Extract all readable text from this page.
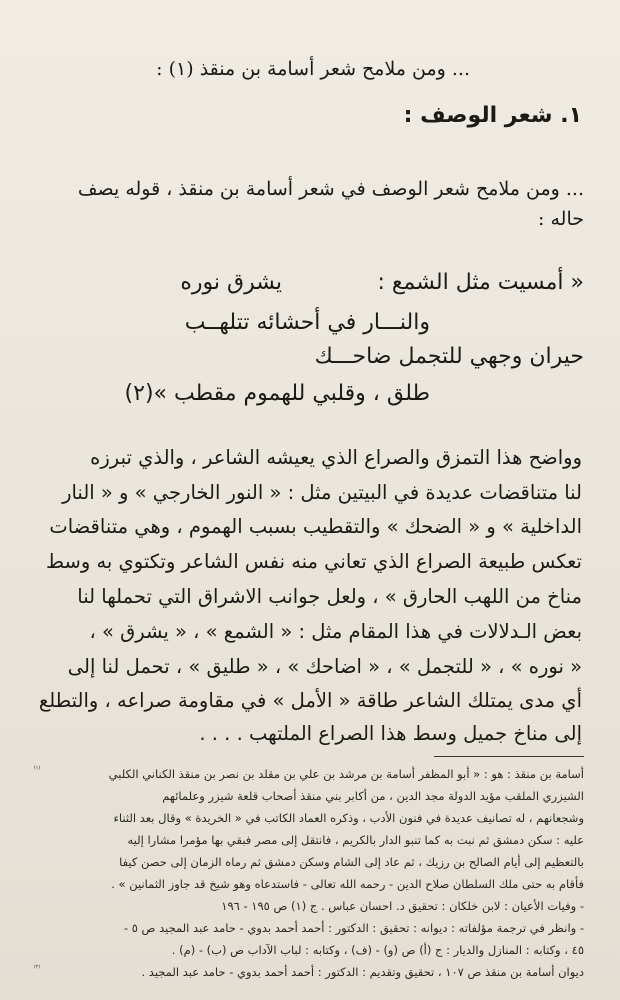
... ومن ملامح شعر أسامة بن منقذ (١) :
١. شعر الوصف :
... ومن ملامح شعر الوصف في شعر أسامة بن منقذ ، قوله يصف
حاله :
« أمسيت مثل الشمع :
يشرق نوره
والنـــار في أحشائه تتلهــب
حيران وجهي للتجمل ضاحـــك
طلق ، وقلبي للهموم مقطب »(٢)
وواضح هذا التمزق والصراع الذي يعيشه الشاعر ، والذي تبرزه
لنا متناقضات عديدة في البيتين مثل : « النور الخارجي » و « النار
الداخلية » و « الضحك » والتقطيب بسبب الهموم ، وهي متناقضات
تعكس طبيعة الصراع الذي تعاني منه نفس الشاعر وتكتوي به وسط
مناخ من اللهب الحارق » ، ولعل جوانب الاشراق التي تحملها لنا
بعض الـدلالات في هذا المقام مثل : « الشمع » ، « يشرق » ،
« نوره » ، « للتجمل » ، « اضاحك » ، « طليق » ، تحمل لنا إلى
أي مدى يمتلك الشاعر طاقة « الأمل » في مقاومة صراعه ، والتطلع
إلى مناخ جميل وسط هذا الصراع الملتهب . . . .
(١)	أسامة بن منقذ : هو : « أبو المظفر أسامة بن مرشد بن علي بن مقلد بن نصر بن منقذ الكناني الكلبي
الشيزري الملقب مؤيد الدولة مجد الدين ، من أكابر بني منقذ أصحاب قلعة شيزر وعلمائهم
وشجعانهم ، له تصانيف عديدة في فنون الأدب ، وذكره العماد الكاتب في « الخريدة » وقال بعد الثناء
عليه : سكن دمشق ثم نبت به كما تنبو الدار بالكريم ، فانتقل إلى مصر فبقي بها مؤمرا مشارا إليه
بالتعظيم إلى أيام الصالح بن رزيك ، ثم عاد إلى الشام وسكن دمشق ثم رماه الزمان إلى حصن كيفا
فأقام به حتى ملك السلطان صلاح الدين - رحمه الله تعالى - فاستدعاه وهو شيخ قد جاوز الثمانين » .
- وفيات الأعيان : لابن خلكان : تحقيق د. احسان عباس . ج (١) ص ١٩٥ - ١٩٦
- وانظر في ترجمة مؤلفاته : ديوانه : تحقيق : الدكتور : أحمد أحمد بدوي - حامد عبد المجيد ص ٥ -
٤٥ ، وكتابه : المنازل والديار : ج (أ) ص (و) - (ف) ، وكتابه : لباب الآداب ص (ب) - (م) .
(٢)	ديوان أسامة بن منقذ ص ١٠٧ ، تحقيق وتقديم : الدكتور : أحمد أحمد بدوي - حامد عبد المجيد .
